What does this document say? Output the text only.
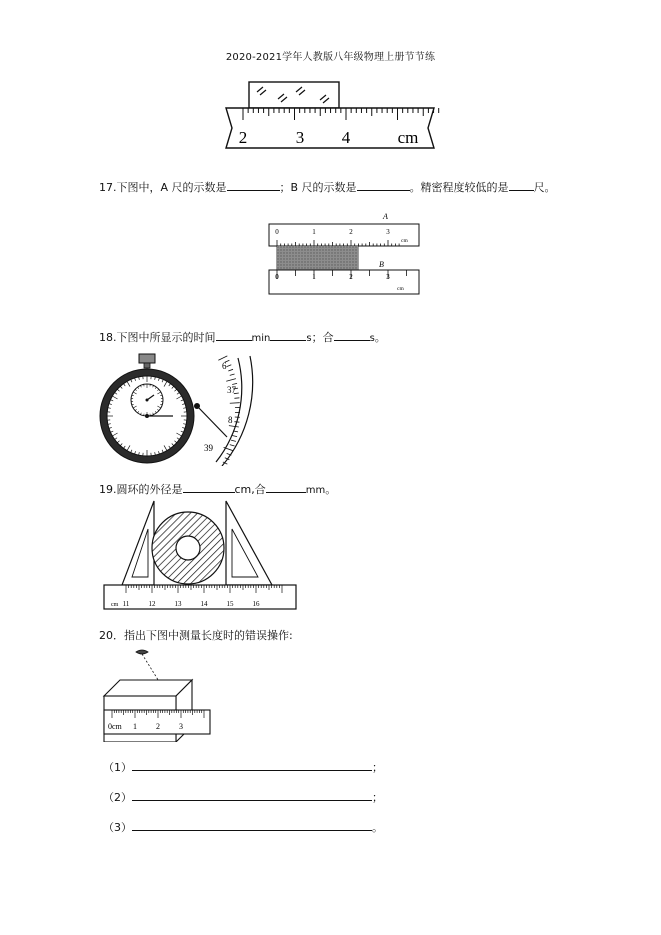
2020-2021学年人教版八年级物理上册节节练
2	3 4	cm
17.下图中，A 尺的示数是	；B 尺的示数是	。精密程度较低的是 尺。
A
0	1	2	3
cm
B
0	1	2	3
cm
18.下图中所显示的时间	min	s；合	s。
6
37
8
39
19.圆环的外径是	cm,合	mm。
cm 11	12	13	14	15	16
20．指出下图中测量长度时的错误操作:
0cm 1 2 3
（1）	；
（2）	；
（3）	。
